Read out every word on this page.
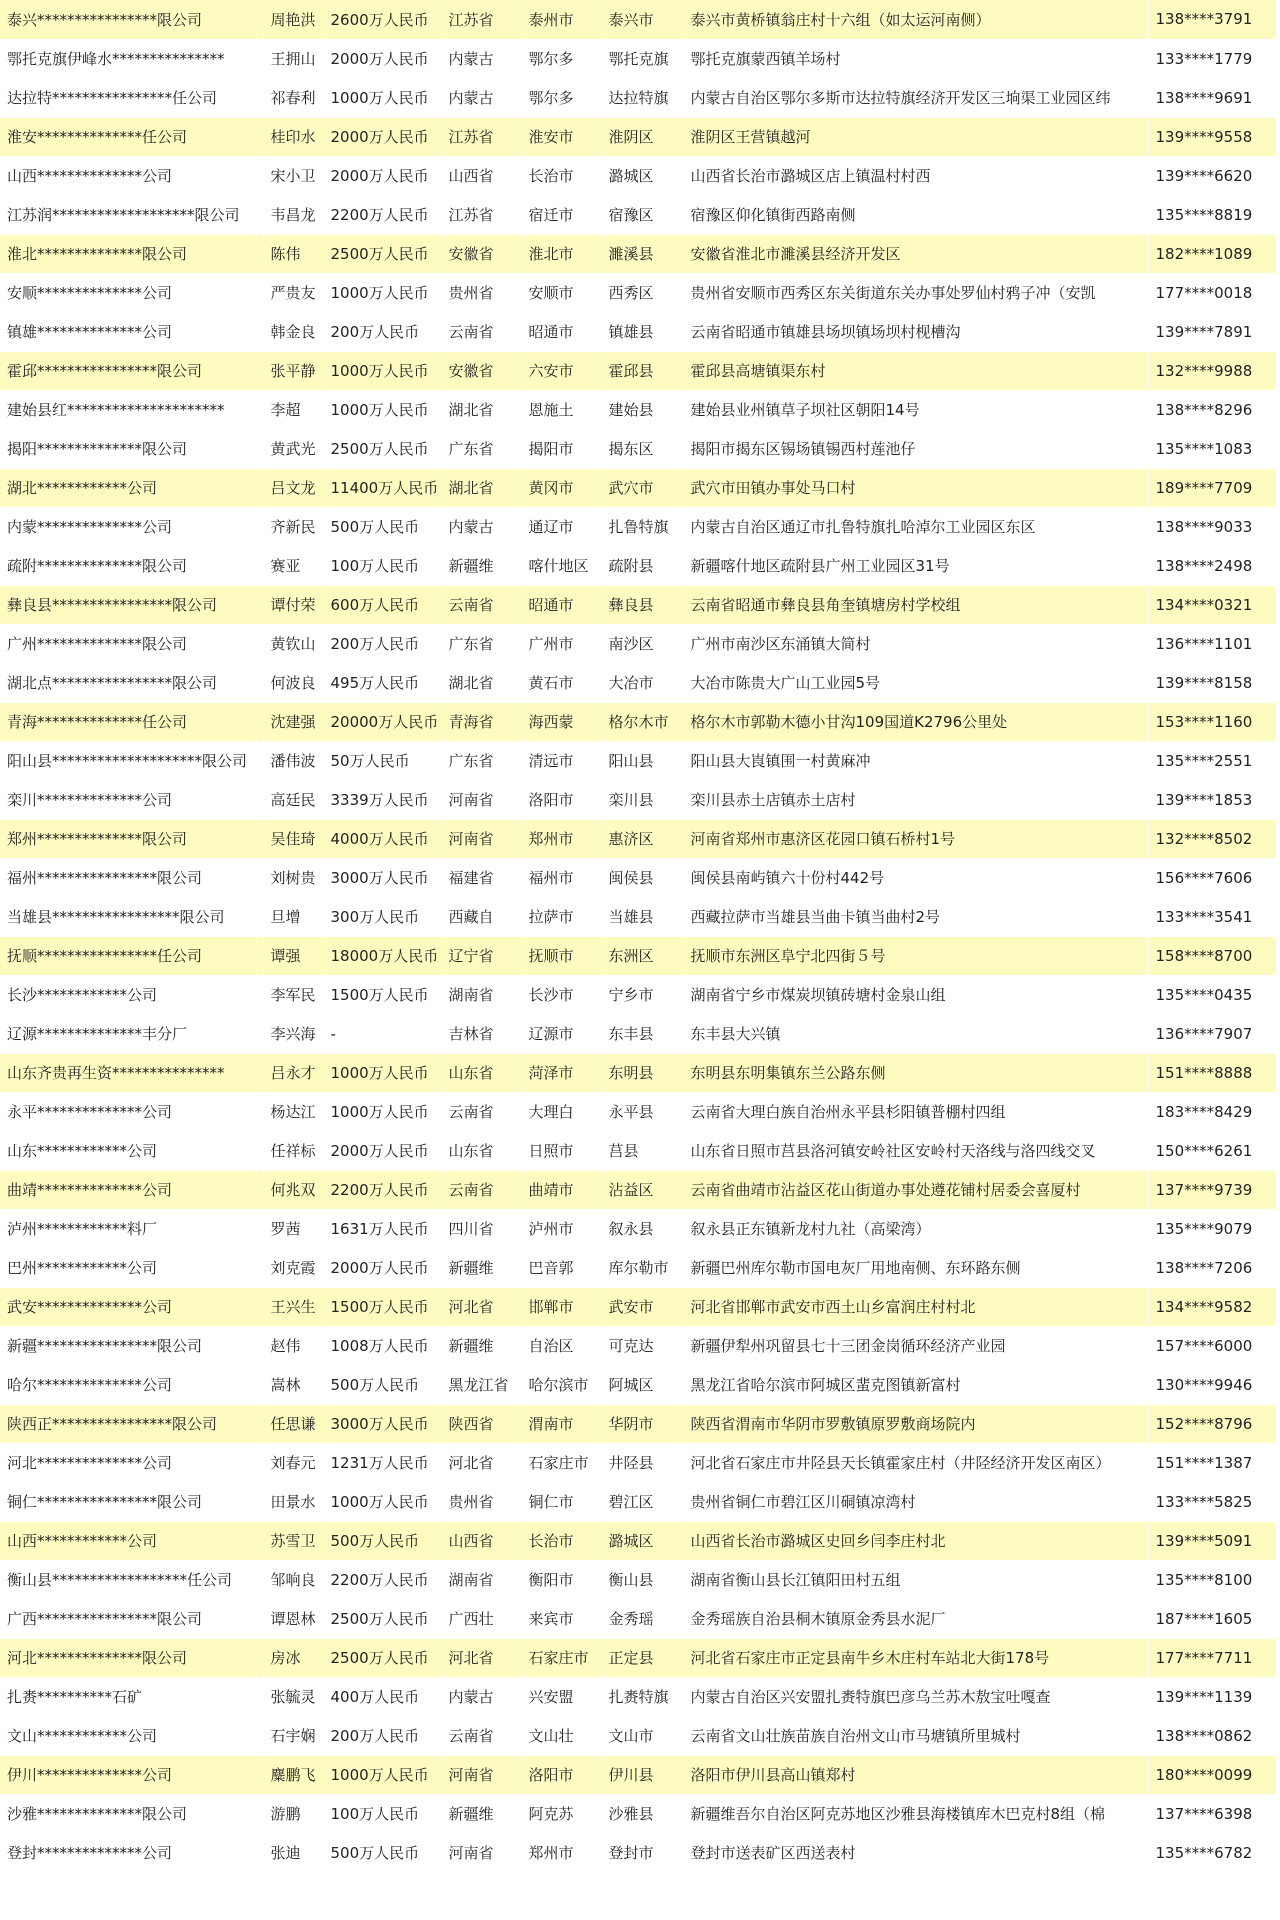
泰兴****************限公司	周艳洪	2600万人民币	江苏省	泰州市	泰兴市	泰兴市黄桥镇翁庄村十六组（如太运河南侧）	138****3791
鄂托克旗伊峰水***************	王拥山	2000万人民币	内蒙古	鄂尔多	鄂托克旗	鄂托克旗蒙西镇羊场村	133****1779
达拉特****************任公司	祁春利	1000万人民币	内蒙古	鄂尔多	达拉特旗	内蒙古自治区鄂尔多斯市达拉特旗经济开发区三垧渠工业园区纬	138****9691
淮安**************任公司	桂印水	2000万人民币	江苏省	淮安市	淮阴区	淮阴区王营镇越河	139****9558
山西**************公司	宋小卫	2000万人民币	山西省	长治市	潞城区	山西省长治市潞城区店上镇温村村西	139****6620
江苏润*******************限公司	韦昌龙	2200万人民币	江苏省	宿迁市	宿豫区	宿豫区仰化镇街西路南侧	135****8819
淮北**************限公司	陈伟	2500万人民币	安徽省	淮北市	濉溪县	安徽省淮北市濉溪县经济开发区	182****1089
安顺**************公司	严贵友	1000万人民币	贵州省	安顺市	西秀区	贵州省安顺市西秀区东关街道东关办事处罗仙村鸦子冲（安凯	177****0018
镇雄**************公司	韩金良	200万人民币	云南省	昭通市	镇雄县	云南省昭通市镇雄县场坝镇场坝村枧槽沟	139****7891
霍邱****************限公司	张平静	1000万人民币	安徽省	六安市	霍邱县	霍邱县高塘镇渠东村	132****9988
建始县红*********************	李超	1000万人民币	湖北省	恩施土	建始县	建始县业州镇草子坝社区朝阳14号	138****8296
揭阳**************限公司	黄武光	2500万人民币	广东省	揭阳市	揭东区	揭阳市揭东区锡场镇锡西村莲池仔	135****1083
湖北************公司	吕文龙	11400万人民币	湖北省	黄冈市	武穴市	武穴市田镇办事处马口村	189****7709
内蒙**************公司	齐新民	500万人民币	内蒙古	通辽市	扎鲁特旗	内蒙古自治区通辽市扎鲁特旗扎哈淖尔工业园区东区	138****9033
疏附**************限公司	赛亚	100万人民币	新疆维	喀什地区	疏附县	新疆喀什地区疏附县广州工业园区31号	138****2498
彝良县****************限公司	谭付荣	600万人民币	云南省	昭通市	彝良县	云南省昭通市彝良县角奎镇塘房村学校组	134****0321
广州**************限公司	黄钦山	200万人民币	广东省	广州市	南沙区	广州市南沙区东涌镇大简村	136****1101
湖北点****************限公司	何波良	495万人民币	湖北省	黄石市	大冶市	大冶市陈贵大广山工业园5号	139****8158
青海**************任公司	沈建强	20000万人民币	青海省	海西蒙	格尔木市	格尔木市郭勒木德小甘沟109国道K2796公里处	153****1160
阳山县********************限公司	潘伟波	50万人民币	广东省	清远市	阳山县	阳山县大崀镇围一村黄麻冲	135****2551
栾川**************公司	高廷民	3339万人民币	河南省	洛阳市	栾川县	栾川县赤土店镇赤土店村	139****1853
郑州**************限公司	吴佳琦	4000万人民币	河南省	郑州市	惠济区	河南省郑州市惠济区花园口镇石桥村1号	132****8502
福州****************限公司	刘树贵	3000万人民币	福建省	福州市	闽侯县	闽侯县南屿镇六十份村442号	156****7606
当雄县*****************限公司	旦增	300万人民币	西藏自	拉萨市	当雄县	西藏拉萨市当雄县当曲卡镇当曲村2号	133****3541
抚顺****************任公司	谭强	18000万人民币	辽宁省	抚顺市	东洲区	抚顺市东洲区阜宁北四街５号	158****8700
长沙************公司	李军民	1500万人民币	湖南省	长沙市	宁乡市	湖南省宁乡市煤炭坝镇砖塘村金泉山组	135****0435
辽源**************丰分厂	李兴海	-	吉林省	辽源市	东丰县	东丰县大兴镇	136****7907
山东齐贵再生资***************	吕永才	1000万人民币	山东省	菏泽市	东明县	东明县东明集镇东兰公路东侧	151****8888
永平**************公司	杨达江	1000万人民币	云南省	大理白	永平县	云南省大理白族自治州永平县杉阳镇普棚村四组	183****8429
山东************公司	任祥标	2000万人民币	山东省	日照市	莒县	山东省日照市莒县洛河镇安岭社区安岭村天洛线与洛四线交叉	150****6261
曲靖**************公司	何兆双	2200万人民币	云南省	曲靖市	沾益区	云南省曲靖市沾益区花山街道办事处遵花铺村居委会喜厦村	137****9739
泸州************料厂	罗茜	1631万人民币	四川省	泸州市	叙永县	叙永县正东镇新龙村九社（高梁湾）	135****9079
巴州************公司	刘克霞	2000万人民币	新疆维	巴音郭	库尔勒市	新疆巴州库尔勒市国电灰厂用地南侧、东环路东侧	138****7206
武安**************公司	王兴生	1500万人民币	河北省	邯郸市	武安市	河北省邯郸市武安市西土山乡富润庄村村北	134****9582
新疆****************限公司	赵伟	1008万人民币	新疆维	自治区	可克达	新疆伊犁州巩留县七十三团金岗循环经济产业园	157****6000
哈尔**************公司	嵩林	500万人民币	黑龙江省	哈尔滨市	阿城区	黑龙江省哈尔滨市阿城区蜚克图镇新富村	130****9946
陕西正****************限公司	任思谦	3000万人民币	陕西省	渭南市	华阴市	陕西省渭南市华阴市罗敷镇原罗敷商场院内	152****8796
河北**************公司	刘春元	1231万人民币	河北省	石家庄市	井陉县	河北省石家庄市井陉县天长镇霍家庄村（井陉经济开发区南区）	151****1387
铜仁****************限公司	田景水	1000万人民币	贵州省	铜仁市	碧江区	贵州省铜仁市碧江区川硐镇凉湾村	133****5825
山西************公司	苏雪卫	500万人民币	山西省	长治市	潞城区	山西省长治市潞城区史回乡闫李庄村北	139****5091
衡山县******************任公司	邹响良	2200万人民币	湖南省	衡阳市	衡山县	湖南省衡山县长江镇阳田村五组	135****8100
广西****************限公司	谭恩林	2500万人民币	广西壮	来宾市	金秀瑶	金秀瑶族自治县桐木镇原金秀县水泥厂	187****1605
河北**************限公司	房冰	2500万人民币	河北省	石家庄市	正定县	河北省石家庄市正定县南牛乡木庄村车站北大街178号	177****7711
扎赉**********石矿	张毓灵	400万人民币	内蒙古	兴安盟	扎赉特旗	内蒙古自治区兴安盟扎赉特旗巴彦乌兰苏木敖宝吐嘎查	139****1139
文山************公司	石宇娴	200万人民币	云南省	文山壮	文山市	云南省文山壮族苗族自治州文山市马塘镇所里城村	138****0862
伊川**************公司	麋鹏飞	1000万人民币	河南省	洛阳市	伊川县	洛阳市伊川县高山镇郑村	180****0099
沙雅**************限公司	游鹏	100万人民币	新疆维	阿克苏	沙雅县	新疆维吾尔自治区阿克苏地区沙雅县海楼镇库木巴克村8组（棉	137****6398
登封**************公司	张迪	500万人民币	河南省	郑州市	登封市	登封市送表矿区西送表村	135****6782
